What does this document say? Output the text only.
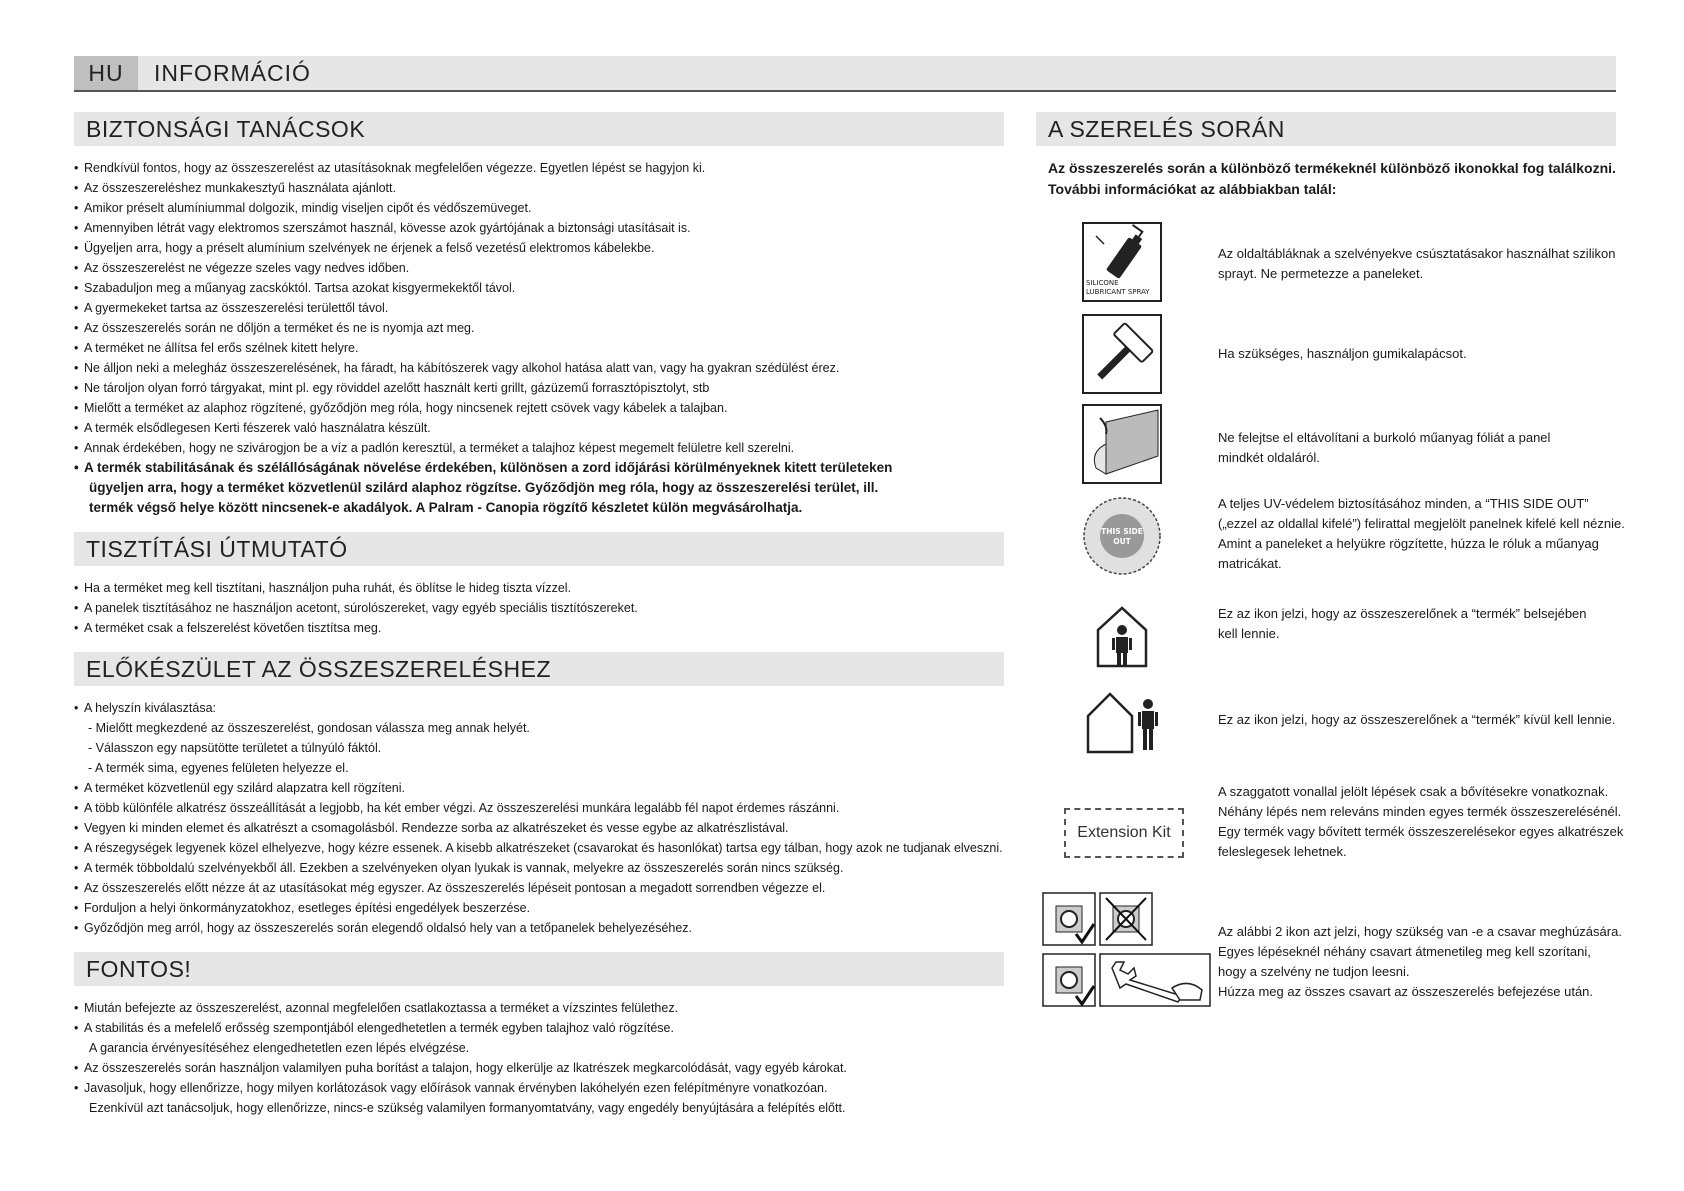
HU	INFORMÁCIÓ
BIZTONSÁGI TANÁCSOK
• Rendkívül fontos, hogy az összeszerelést az utasításoknak megfelelően végezze. Egyetlen lépést se hagyjon ki.
• Az összeszereléshez munkakesztyű használata ajánlott.
• Amikor préselt alumíniummal dolgozik, mindig viseljen cipőt és védőszemüveget.
• Amennyiben létrát vagy elektromos szerszámot használ, kövesse azok gyártójának a biztonsági utasításait is.
• Ügyeljen arra, hogy a préselt alumínium szelvények ne érjenek a felső vezetésű elektromos kábelekbe.
• Az összeszerelést ne végezze szeles vagy nedves időben.
• Szabaduljon meg a műanyag zacskóktól. Tartsa azokat kisgyermekektől távol.
• A gyermekeket tartsa az összeszerelési területtől távol.
• Az összeszerelés során ne dőljön a terméket és ne is nyomja azt meg.
• A terméket ne állítsa fel erős szélnek kitett helyre.
• Ne álljon neki a melegház összeszerelésének, ha fáradt, ha kábítószerek vagy alkohol hatása alatt van, vagy ha gyakran szédülést érez.
• Ne tároljon olyan forró tárgyakat, mint pl. egy röviddel azelőtt használt kerti grillt, gázüzemű forrasztópisztolyt, stb
• Mielőtt a terméket az alaphoz rögzítené, győződjön meg róla, hogy nincsenek rejtett csövek vagy kábelek a talajban.
• A termék elsődlegesen Kerti fészerek való használatra készült.
• Annak érdekében, hogy ne szivárogjon be a víz a padlón keresztül, a terméket a talajhoz képest megemelt felületre kell szerelni.
• A termék stabilitásának és szélállóságának növelése érdekében, különösen a zord időjárási körülményeknek kitett területeken
ügyeljen arra, hogy a terméket közvetlenül szilárd alaphoz rögzítse. Győződjön meg róla, hogy az összeszerelési terület, ill.
termék végső helye között nincsenek-e akadályok. A Palram - Canopia rögzítő készletet külön megvásárolhatja.
TISZTÍTÁSI ÚTMUTATÓ
• Ha a terméket meg kell tisztítani, használjon puha ruhát, és öblítse le hideg tiszta vízzel.
• A panelek tisztításához ne használjon acetont, súrolószereket, vagy egyéb speciális tisztítószereket.
• A terméket csak a felszerelést követően tisztítsa meg.
ELŐKÉSZÜLET AZ ÖSSZESZERELÉSHEZ
• A helyszín kiválasztása:
- Mielőtt megkezdené az összeszerelést, gondosan válassza meg annak helyét.
- Válasszon egy napsütötte területet a túlnyúló fáktól.
- A termék sima, egyenes felületen helyezze el.
• A terméket közvetlenül egy szilárd alapzatra kell rögzíteni.
• A több különféle alkatrész összeállítását a legjobb, ha két ember végzi. Az összeszerelési munkára legalább fél napot érdemes rászánni.
• Vegyen ki minden elemet és alkatrészt a csomagolásból. Rendezze sorba az alkatrészeket és vesse egybe az alkatrészlistával.
• A részegységek legyenek közel elhelyezve, hogy kézre essenek. A kisebb alkatrészeket (csavarokat és hasonlókat) tartsa egy tálban, hogy azok ne tudjanak elveszni.
• A termék többoldalú szelvényekből áll. Ezekben a szelvényeken olyan lyukak is vannak, melyekre az összeszerelés során nincs szükség.
• Az összeszerelés előtt nézze át az utasításokat még egyszer. Az összeszerelés lépéseit pontosan a megadott sorrendben végezze el.
• Forduljon a helyi önkormányzatokhoz, esetleges építési engedélyek beszerzése.
• Győződjön meg arról, hogy az összeszerelés során elegendő oldalsó hely van a tetőpanelek behelyezéséhez.
FONTOS!
• Miután befejezte az összeszerelést, azonnal megfelelően csatlakoztassa a terméket a vízszintes felülethez.
• A stabilitás és a mefelelő erősség szempontjából elengedhetetlen a termék egyben talajhoz való rögzítése.
A garancia érvényesítéséhez elengedhetetlen ezen lépés elvégzése.
• Az összeszerelés során használjon valamilyen puha borítást a talajon, hogy elkerülje az lkatrészek megkarcolódását, vagy egyéb károkat.
• Javasoljuk, hogy ellenőrizze, hogy milyen korlátozások vagy előírások vannak érvényben lakóhelyén ezen felépítményre vonatkozóan.
Ezenkívül azt tanácsoljuk, hogy ellenőrizze, nincs-e szükség valamilyen formanyomtatvány, vagy engedély benyújtására a felépítés előtt.
A SZERELÉS SORÁN
Az összeszerelés során a különböző termékeknél különböző ikonokkal fog találkozni.
További információkat az alábbiakban talál:
SILICONE
LUBRICANT SPRAY
Az oldaltábláknak a szelvényekve csúsztatásakor használhat szilikon
sprayt. Ne permetezze a paneleket.
Ha szükséges, használjon gumikalapácsot.
Ne felejtse el eltávolítani a burkoló műanyag fóliát a panel
mindkét oldaláról.
THIS SIDE
OUT
A teljes UV-védelem biztosításához minden, a “THIS SIDE OUT”
(„ezzel az oldallal kifelé”) felirattal megjelölt panelnek kifelé kell néznie.
Amint a paneleket a helyükre rögzítette, húzza le róluk a műanyag
matricákat.
Ez az ikon jelzi, hogy az összeszerelőnek a “termék” belsejében
kell lennie.
Ez az ikon jelzi, hogy az összeszerelőnek a “termék” kívül kell lennie.
Extension Kit
A szaggatott vonallal jelölt lépések csak a bővítésekre vonatkoznak.
Néhány lépés nem releváns minden egyes termék összeszerelésénél.
Egy termék vagy bővített termék összeszerelésekor egyes alkatrészek
feleslegesek lehetnek.
Az alábbi 2 ikon azt jelzi, hogy szükség van -e a csavar meghúzására.
Egyes lépéseknél néhány csavart átmenetileg meg kell szorítani,
hogy a szelvény ne tudjon leesni.
Húzza meg az összes csavart az összeszerelés befejezése után.
